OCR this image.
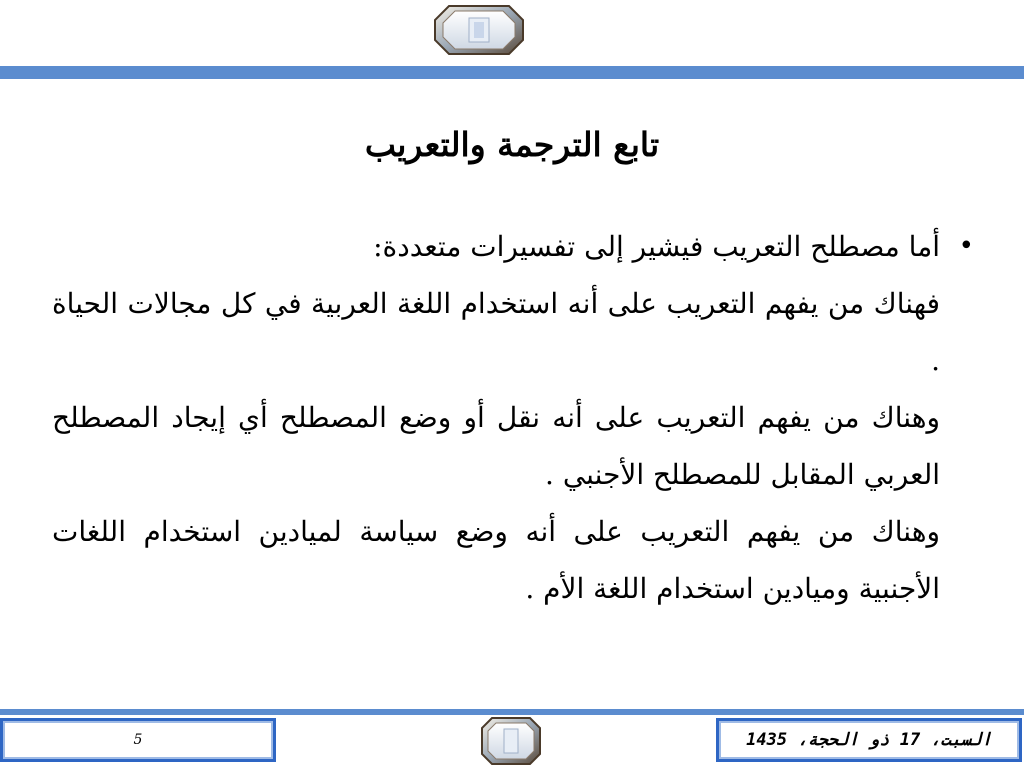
تابع الترجمة والتعريب
•
أما مصطلح التعريب فيشير إلى تفسيرات متعددة:
فهناك من يفهم التعريب على أنه استخدام اللغة العربية في كل مجالات الحياة .
وهناك من يفهم التعريب على أنه نقل أو وضع المصطلح أي إيجاد المصطلح العربي المقابل للمصطلح الأجنبي .
وهناك من يفهم التعريب على أنه وضع سياسة لميادين استخدام اللغات الأجنبية وميادين استخدام اللغة الأم .
5	السبت، 17 ذو الحجة، 1435
